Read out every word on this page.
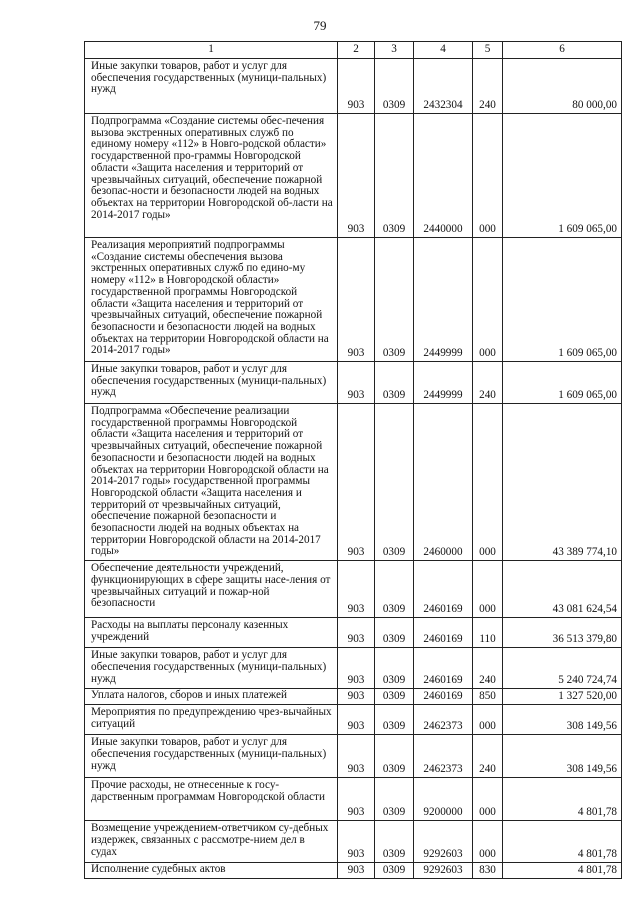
79
1	2	3	4	5	6
Иные закупки товаров, работ и услуг для обеспечения государственных (муници-пальных) нужд	903	0309	2432304	240	80 000,00
Подпрограмма «Создание системы обес-печения вызова экстренных оперативных служб по единому номеру «112» в Новго-родской области» государственной про-граммы Новгородской области «Защита населения и территорий от чрезвычайных ситуаций, обеспечение пожарной безопас-ности и безопасности людей на водных объектах на территории Новгородской об-ласти на 2014-2017 годы»	903	0309	2440000	000	1 609 065,00
Реализация мероприятий подпрограммы «Создание системы обеспечения вызова экстренных оперативных служб по едино-му номеру «112» в Новгородской области» государственной программы Новгородской области «Защита населения и территорий от чрезвычайных ситуаций, обеспечение пожарной безопасности и безопасности людей на водных объектах на территории Новгородской области на 2014-2017 годы»	903	0309	2449999	000	1 609 065,00
Иные закупки товаров, работ и услуг для обеспечения государственных (муници-пальных) нужд	903	0309	2449999	240	1 609 065,00
Подпрограмма «Обеспечение реализации государственной программы Новгородской области «Защита населения и территорий от чрезвычайных ситуаций, обеспечение пожарной безопасности и безопасности людей на водных объектах на территории Новгородской области на 2014-2017 годы» государственной программы Новгородской области «Защита населения и территорий от чрезвычайных ситуаций, обеспечение пожарной безопасности и безопасности людей на водных объектах на территории Новгородской области на 2014-2017 годы»	903	0309	2460000	000	43 389 774,10
Обеспечение деятельности учреждений, функционирующих в сфере защиты насе-ления от чрезвычайных ситуаций и пожар-ной безопасности	903	0309	2460169	000	43 081 624,54
Расходы на выплаты персоналу казенных учреждений	903	0309	2460169	110	36 513 379,80
Иные закупки товаров, работ и услуг для обеспечения государственных (муници-пальных) нужд	903	0309	2460169	240	5 240 724,74
Уплата налогов, сборов и иных платежей	903	0309	2460169	850	1 327 520,00
Мероприятия по предупреждению чрез-вычайных ситуаций	903	0309	2462373	000	308 149,56
Иные закупки товаров, работ и услуг для обеспечения государственных (муници-пальных) нужд	903	0309	2462373	240	308 149,56
Прочие расходы, не отнесенные к госу-дарственным программам Новгородской области	903	0309	9200000	000	4 801,78
Возмещение учреждением-ответчиком су-дебных издержек, связанных с рассмотре-нием дел в судах	903	0309	9292603	000	4 801,78
Исполнение судебных актов	903	0309	9292603	830	4 801,78
